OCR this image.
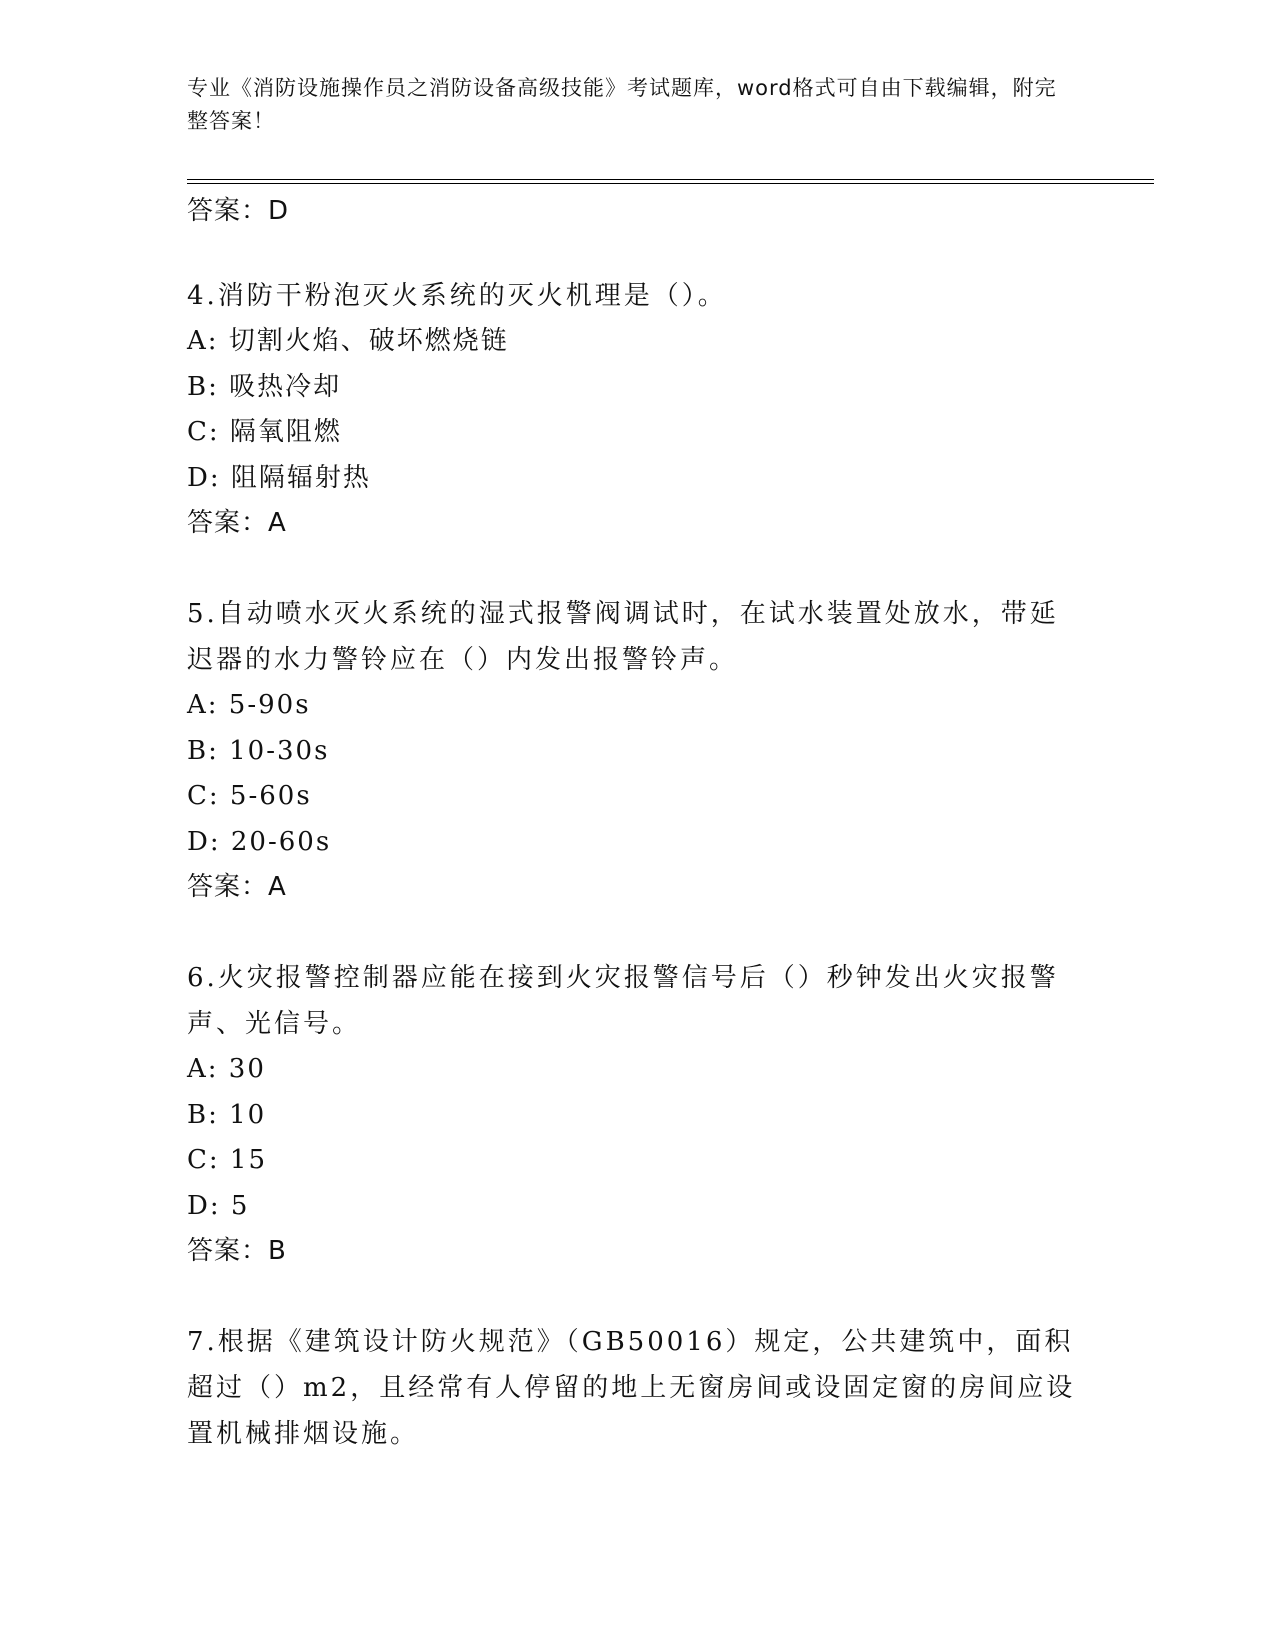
专业《消防设施操作员之消防设备高级技能》考试题库，word格式可自由下载编辑，附完整答案！
答案：D
4.消防干粉泡灭火系统的灭火机理是（）。
A: 切割火焰、破坏燃烧链
B: 吸热冷却
C: 隔氧阻燃
D: 阻隔辐射热
答案：A
5.自动喷水灭火系统的湿式报警阀调试时，在试水装置处放水，带延迟器的水力警铃应在（）内发出报警铃声。
A: 5-90s
B: 10-30s
C: 5-60s
D: 20-60s
答案：A
6.火灾报警控制器应能在接到火灾报警信号后（）秒钟发出火灾报警声、光信号。
A: 30
B: 10
C: 15
D: 5
答案：B
7.根据《建筑设计防火规范》（GB50016）规定，公共建筑中，面积超过（）m2，且经常有人停留的地上无窗房间或设固定窗的房间应设置机械排烟设施。
